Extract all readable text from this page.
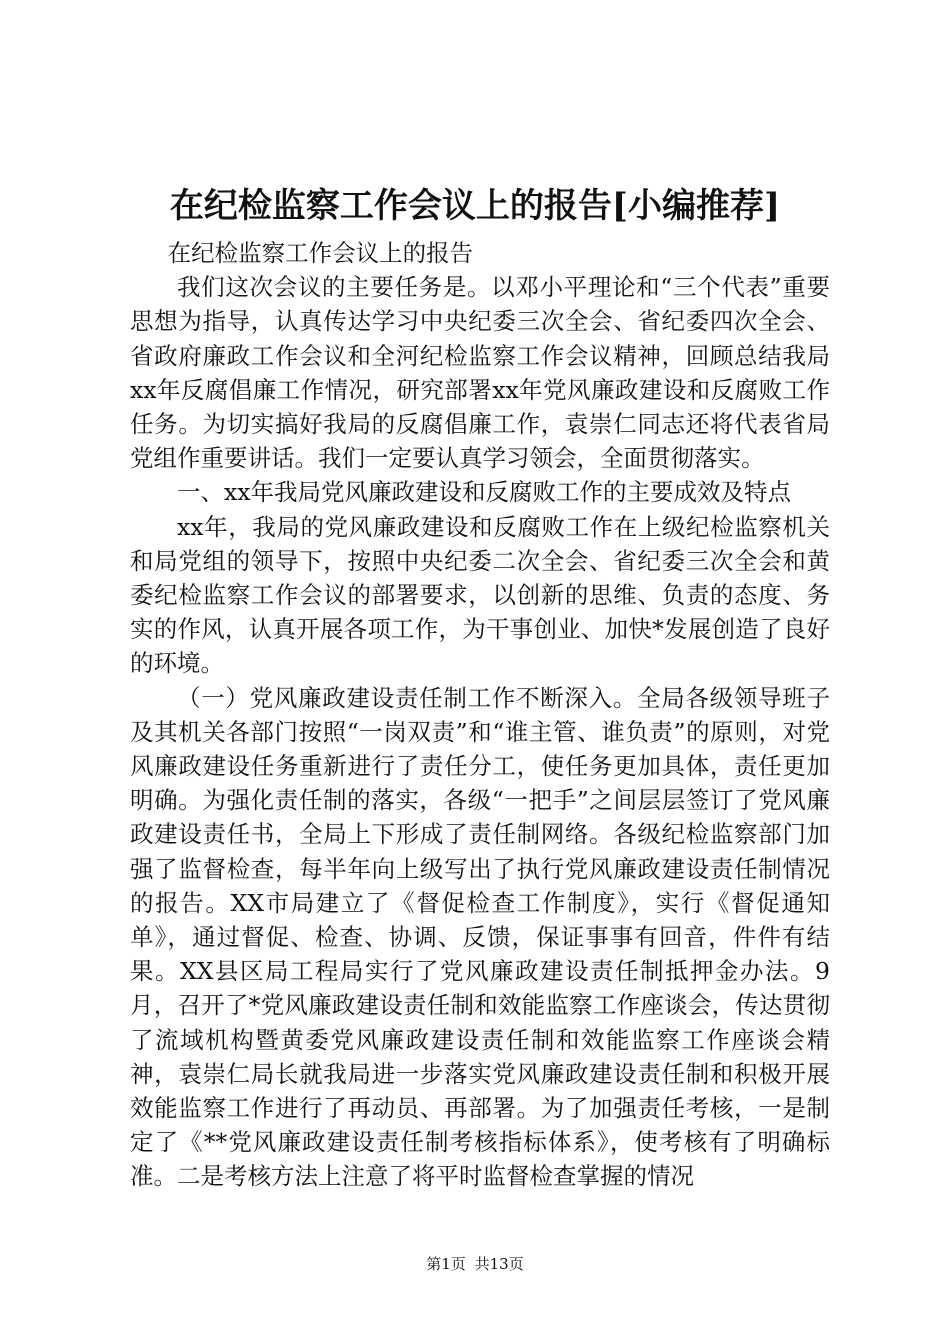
在纪检监察工作会议上的报告[小编推荐]

在纪检监察工作会议上的报告

我们这次会议的主要任务是。以邓小平理论和“三个代表”重要思想为指导，认真传达学习中央纪委三次全会、省纪委四次全会、省政府廉政工作会议和全河纪检监察工作会议精神，回顾总结我局xx年反腐倡廉工作情况，研究部署xx年党风廉政建设和反腐败工作任务。为切实搞好我局的反腐倡廉工作，袁崇仁同志还将代表省局党组作重要讲话。我们一定要认真学习领会，全面贯彻落实。

一、xx年我局党风廉政建设和反腐败工作的主要成效及特点

xx年，我局的党风廉政建设和反腐败工作在上级纪检监察机关和局党组的领导下，按照中央纪委二次全会、省纪委三次全会和黄委纪检监察工作会议的部署要求，以创新的思维、负责的态度、务实的作风，认真开展各项工作，为干事创业、加快*发展创造了良好的环境。

（一）党风廉政建设责任制工作不断深入。全局各级领导班子及其机关各部门按照“一岗双责”和“谁主管、谁负责”的原则，对党风廉政建设任务重新进行了责任分工，使任务更加具体，责任更加明确。为强化责任制的落实，各级“一把手”之间层层签订了党风廉政建设责任书，全局上下形成了责任制网络。各级纪检监察部门加强了监督检查，每半年向上级写出了执行党风廉政建设责任制情况的报告。XX市局建立了《督促检查工作制度》，实行《督促通知单》，通过督促、检查、协调、反馈，保证事事有回音，件件有结果。XX县区局工程局实行了党风廉政建设责任制抵押金办法。9月，召开了*党风廉政建设责任制和效能监察工作座谈会，传达贯彻了流域机构暨黄委党风廉政建设责任制和效能监察工作座谈会精神，袁崇仁局长就我局进一步落实党风廉政建设责任制和积极开展效能监察工作进行了再动员、再部署。为了加强责任考核，一是制定了《**党风廉政建设责任制考核指标体系》，使考核有了明确标准。二是考核方法上注意了将平时监督检查掌握的情况

第1页 共13页
